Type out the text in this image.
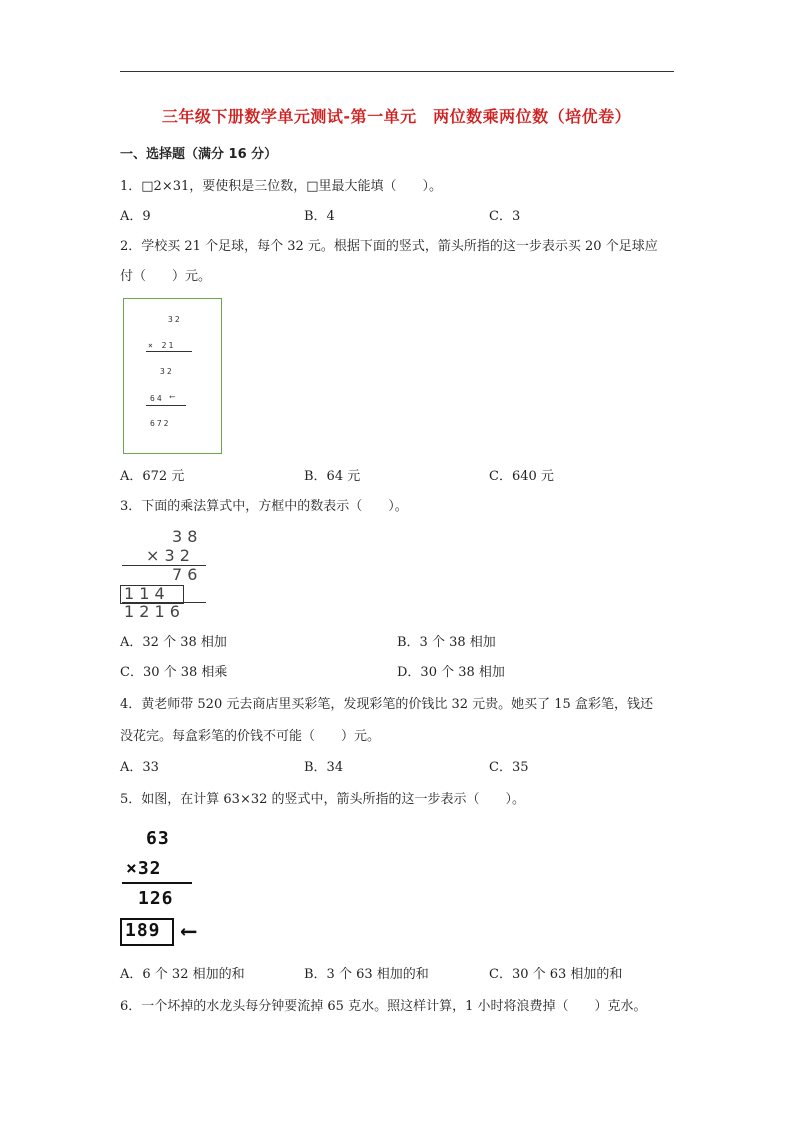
三年级下册数学单元测试-第一单元　两位数乘两位数（培优卷）
一、选择题（满分 16 分）
1．□2×31，要使积是三位数，□里最大能填（　　）。
A．9	B．4	C．3
2．学校买 21 个足球，每个 32 元。根据下面的竖式，箭头所指的这一步表示买 20 个足球应
付（　　）元。
32
× 21
32
64 ⟵
672
A．672 元	B．64 元	C．640 元
3．下面的乘法算式中，方框中的数表示（　　）。
3 8
× 3 2
7 6
1 1 4
1 2 1 6
A．32 个 38 相加	B．3 个 38 相加
C．30 个 38 相乘	D．30 个 38 相加
4．黄老师带 520 元去商店里买彩笔，发现彩笔的价钱比 32 元贵。她买了 15 盒彩笔，钱还
没花完。每盒彩笔的价钱不可能（　　）元。
A．33	B．34	C．35
5．如图，在计算 63×32 的竖式中，箭头所指的这一步表示（　　）。
63
×32
126
189 ⟵
A．6 个 32 相加的和	B．3 个 63 相加的和	C．30 个 63 相加的和
6．一个坏掉的水龙头每分钟要流掉 65 克水。照这样计算，1 小时将浪费掉（　　）克水。
